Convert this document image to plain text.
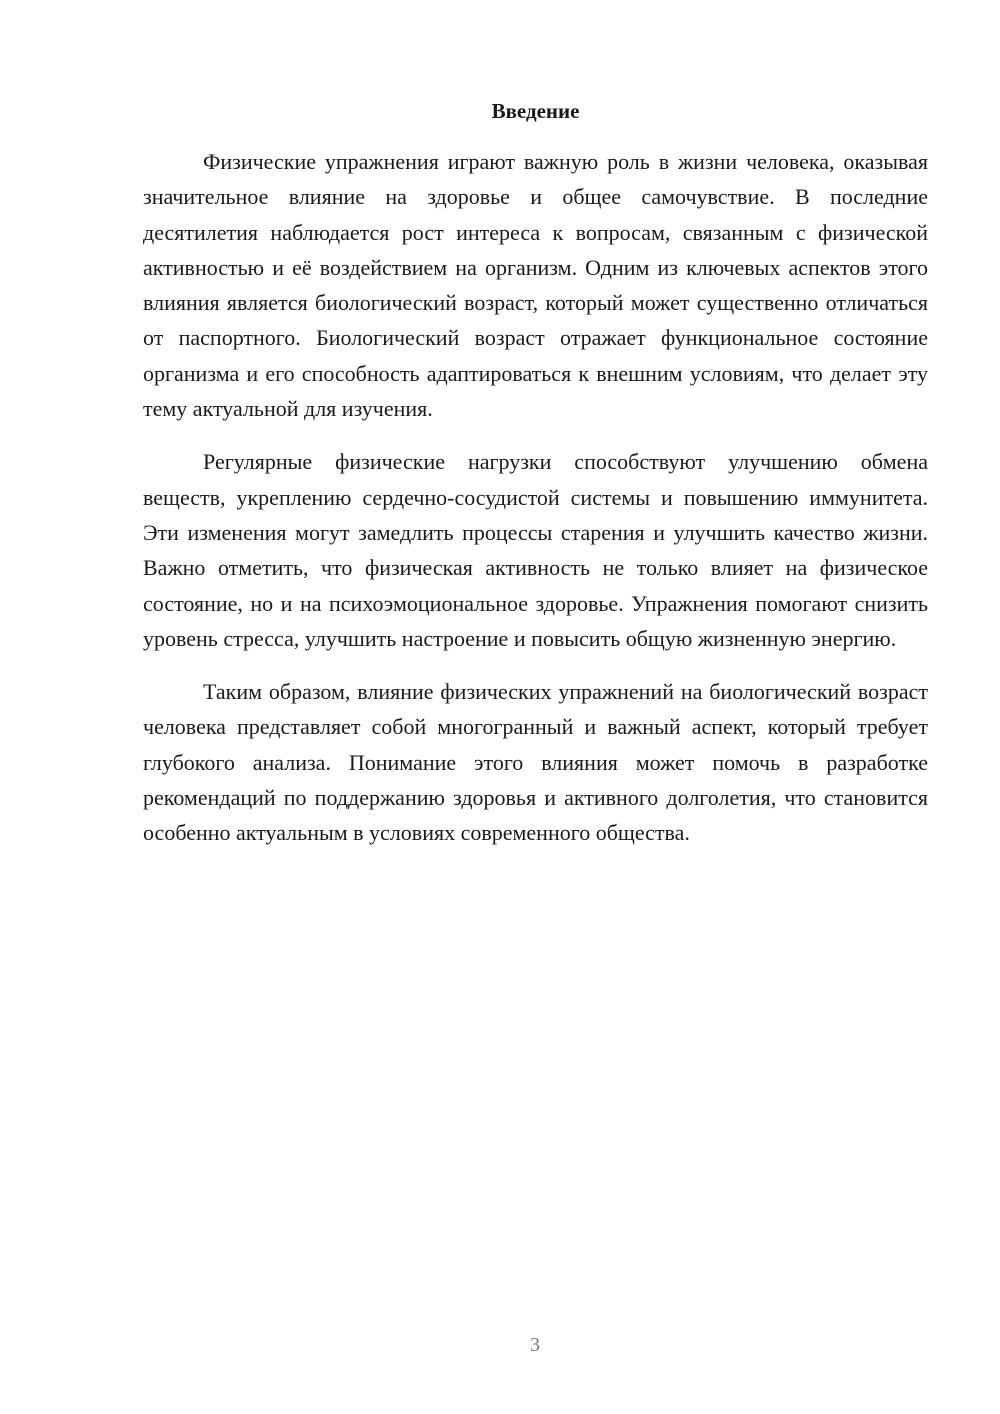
Введение

Физические упражнения играют важную роль в жизни человека, оказывая значительное влияние на здоровье и общее самочувствие. В последние десятилетия наблюдается рост интереса к вопросам, связанным с физической активностью и её воздействием на организм. Одним из ключевых аспектов этого влияния является биологический возраст, который может существенно отличаться от паспортного. Биологический возраст отражает функциональное состояние организма и его способность адаптироваться к внешним условиям, что делает эту тему актуальной для изучения.

Регулярные физические нагрузки способствуют улучшению обмена веществ, укреплению сердечно-сосудистой системы и повышению иммунитета. Эти изменения могут замедлить процессы старения и улучшить качество жизни. Важно отметить, что физическая активность не только влияет на физическое состояние, но и на психоэмоциональное здоровье. Упражнения помогают снизить уровень стресса, улучшить настроение и повысить общую жизненную энергию.

Таким образом, влияние физических упражнений на биологический возраст человека представляет собой многогранный и важный аспект, который требует глубокого анализа. Понимание этого влияния может помочь в разработке рекомендаций по поддержанию здоровья и активного долголетия, что становится особенно актуальным в условиях современного общества.

3
